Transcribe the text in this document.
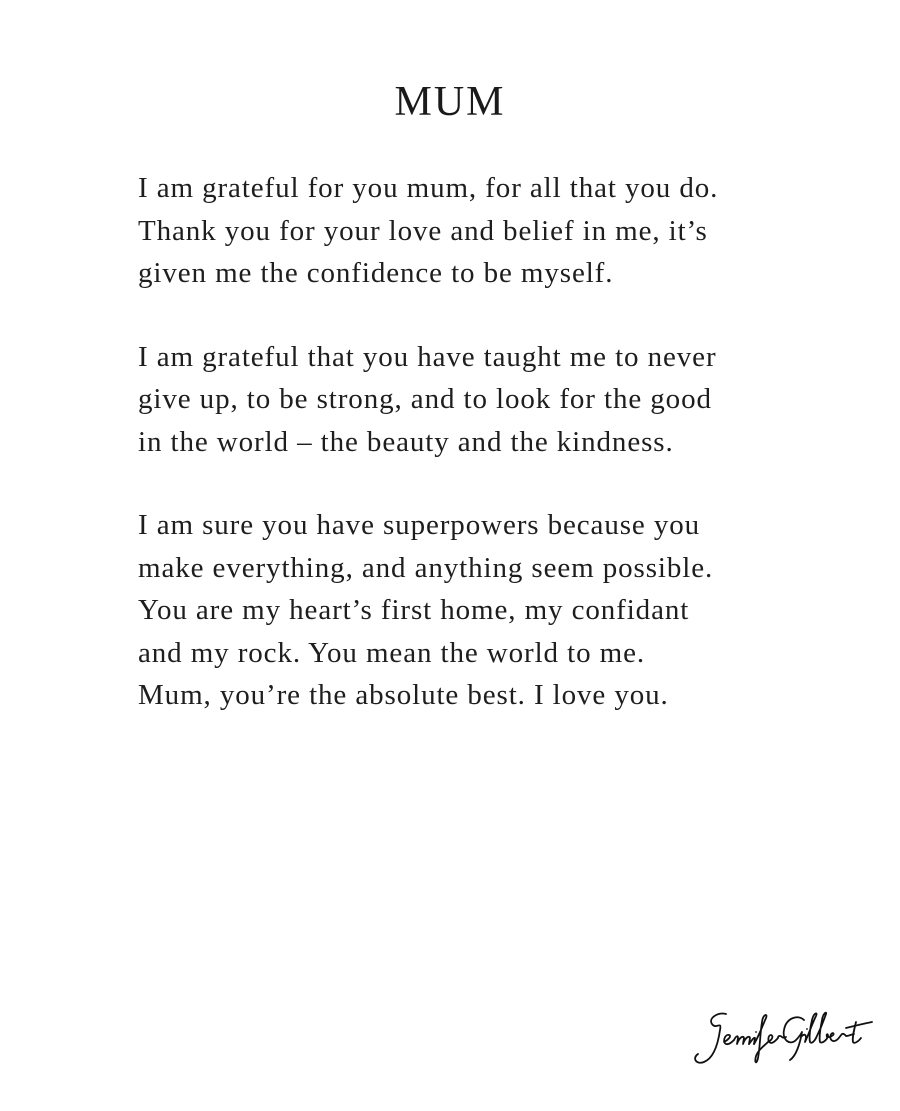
MUM

I am grateful for you mum, for all that you do.
Thank you for your love and belief in me, it’s
given me the confidence to be myself.

I am grateful that you have taught me to never
give up, to be strong, and to look for the good
in the world – the beauty and the kindness.

I am sure you have superpowers because you
make everything, and anything seem possible.
You are my heart’s first home, my confidant
and my rock. You mean the world to me.
Mum, you’re the absolute best. I love you.
